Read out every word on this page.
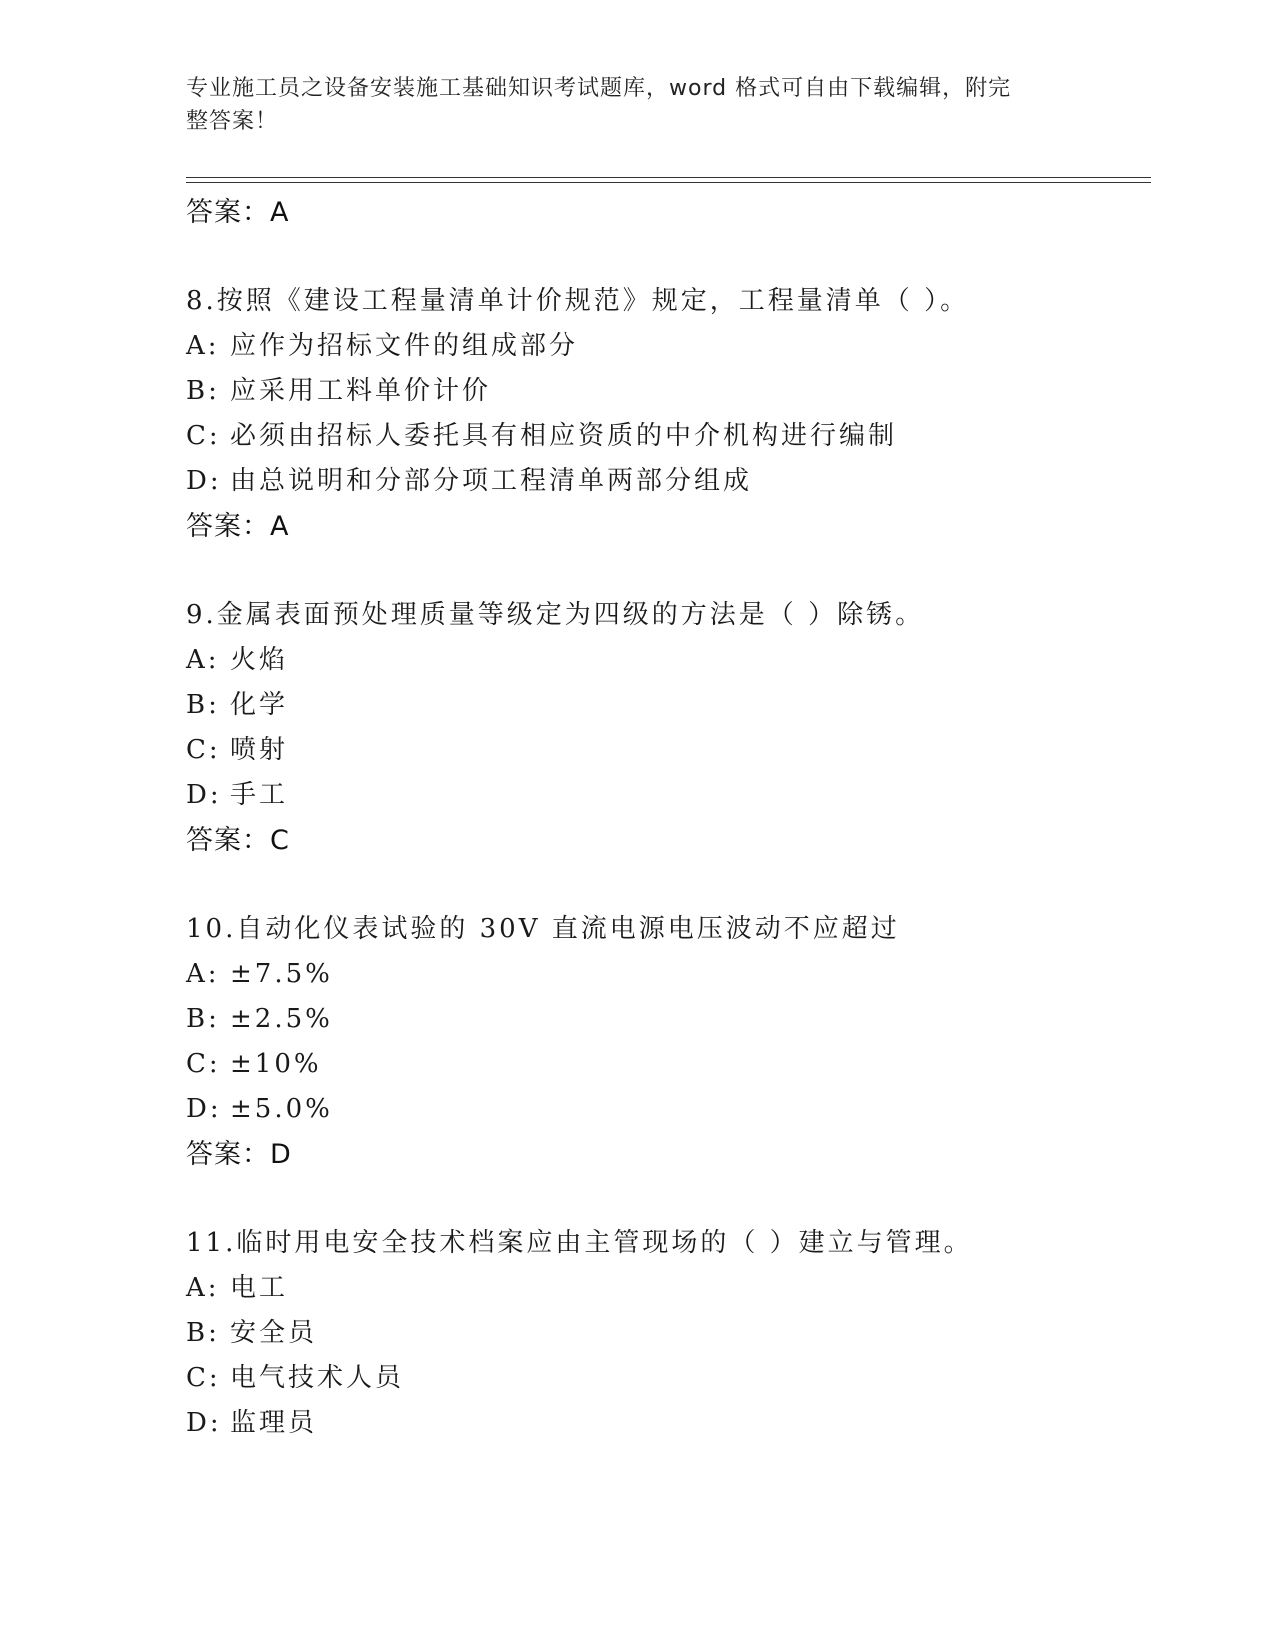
专业施工员之设备安装施工基础知识考试题库，word 格式可自由下载编辑，附完
整答案！
答案：A
8.按照《建设工程量清单计价规范》规定，工程量清单（ ）。
A: 应作为招标文件的组成部分
B: 应采用工料单价计价
C: 必须由招标人委托具有相应资质的中介机构进行编制
D: 由总说明和分部分项工程清单两部分组成
答案：A
9.金属表面预处理质量等级定为四级的方法是（ ）除锈。
A: 火焰
B: 化学
C: 喷射
D: 手工
答案：C
10.自动化仪表试验的 30V 直流电源电压波动不应超过
A: ±7.5%
B: ±2.5%
C: ±10%
D: ±5.0%
答案：D
11.临时用电安全技术档案应由主管现场的（ ）建立与管理。
A: 电工
B: 安全员
C: 电气技术人员
D: 监理员
